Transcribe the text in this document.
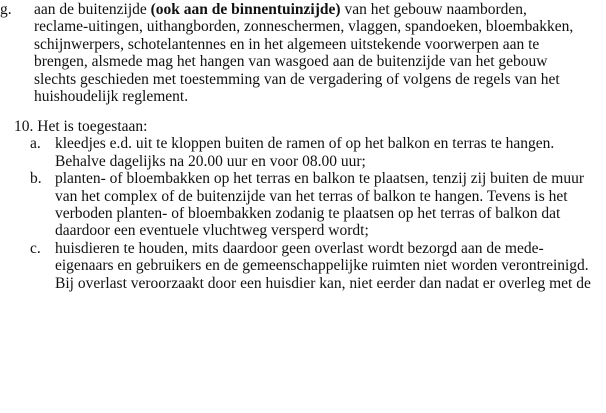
g.	aan de buitenzijde (ook aan de binnentuinzijde) van het gebouw naamborden,
reclame-uitingen, uithangborden, zonneschermen, vlaggen, spandoeken, bloembakken,
schijnwerpers, schotelantennes en in het algemeen uitstekende voorwerpen aan te
brengen, alsmede mag het hangen van wasgoed aan de buitenzijde van het gebouw
slechts geschieden met toestemming van de vergadering of volgens de regels van het
huishoudelijk reglement.
10. Het is toegestaan:
a. kleedjes e.d. uit te kloppen buiten de ramen of op het balkon en terras te hangen.
Behalve dagelijks na 20.00 uur en voor 08.00 uur;
b. planten- of bloembakken op het terras en balkon te plaatsen, tenzij zij buiten de muur
van het complex of de buitenzijde van het terras of balkon te hangen. Tevens is het
verboden planten- of bloembakken zodanig te plaatsen op het terras of balkon dat
daardoor een eventuele vluchtweg versperd wordt;
c. huisdieren te houden, mits daardoor geen overlast wordt bezorgd aan de mede-
eigenaars en gebruikers en de gemeenschappelijke ruimten niet worden verontreinigd.
Bij overlast veroorzaakt door een huisdier kan, niet eerder dan nadat er overleg met de
